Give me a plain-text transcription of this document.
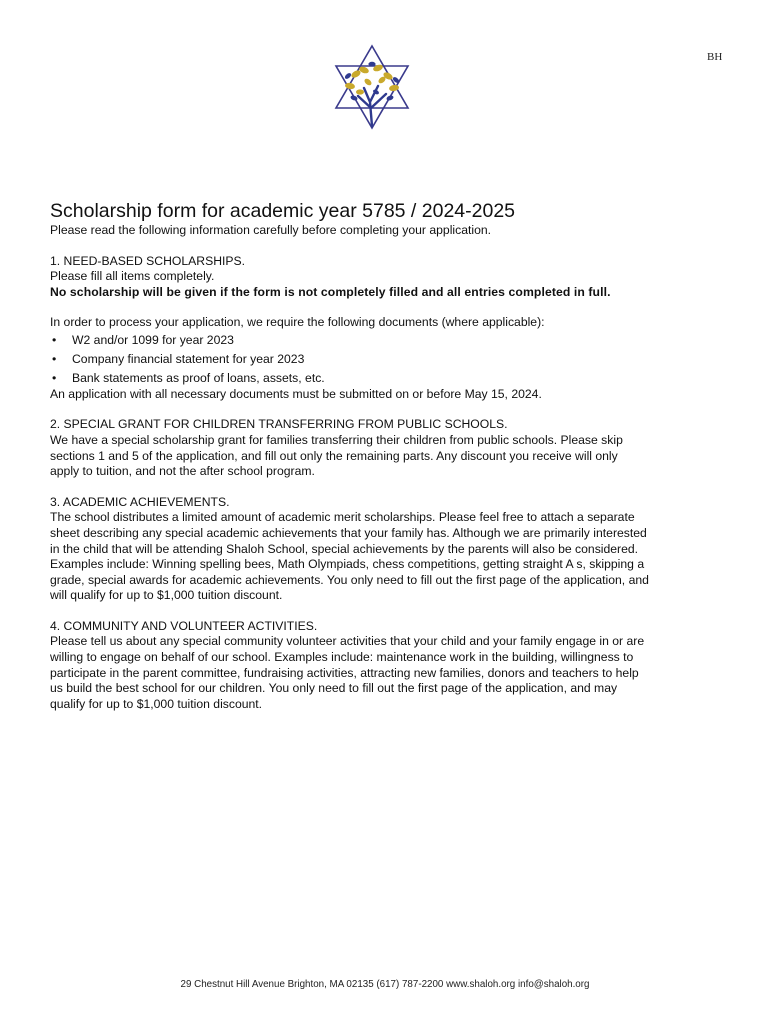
BH
Scholarship form for academic year 5785 / 2024-2025

Please read the following information carefully before completing your application.

1. NEED-BASED SCHOLARSHIPS.

Please fill all items completely.

No scholarship will be given if the form is not completely filled and all entries completed in full.

In order to process your application, we require the following documents (where applicable):

• W2 and/or 1099 for year 2023
• Company financial statement for year 2023
• Bank statements as proof of loans, assets, etc.

An application with all necessary documents must be submitted on or before May 15, 2024.

2. SPECIAL GRANT FOR CHILDREN TRANSFERRING FROM PUBLIC SCHOOLS.

We have a special scholarship grant for families transferring their children from public schools. Please skip sections 1 and 5 of the application, and fill out only the remaining parts. Any discount you receive will only apply to tuition, and not the after school program.

3. ACADEMIC ACHIEVEMENTS.

The school distributes a limited amount of academic merit scholarships. Please feel free to attach a separate sheet describing any special academic achievements that your family has. Although we are primarily interested in the child that will be attending Shaloh School, special achievements by the parents will also be considered. Examples include: Winning spelling bees, Math Olympiads, chess competitions, getting straight A s, skipping a grade, special awards for academic achievements. You only need to fill out the first page of the application, and will qualify for up to $1,000 tuition discount.

4. COMMUNITY AND VOLUNTEER ACTIVITIES.

Please tell us about any special community volunteer activities that your child and your family engage in or are willing to engage on behalf of our school. Examples include: maintenance work in the building, willingness to participate in the parent committee, fundraising activities, attracting new families, donors and teachers to help us build the best school for our children. You only need to fill out the first page of the application, and may qualify for up to $1,000 tuition discount.

29 Chestnut Hill Avenue Brighton, MA 02135 (617) 787-2200 www.shaloh.org info@shaloh.org
